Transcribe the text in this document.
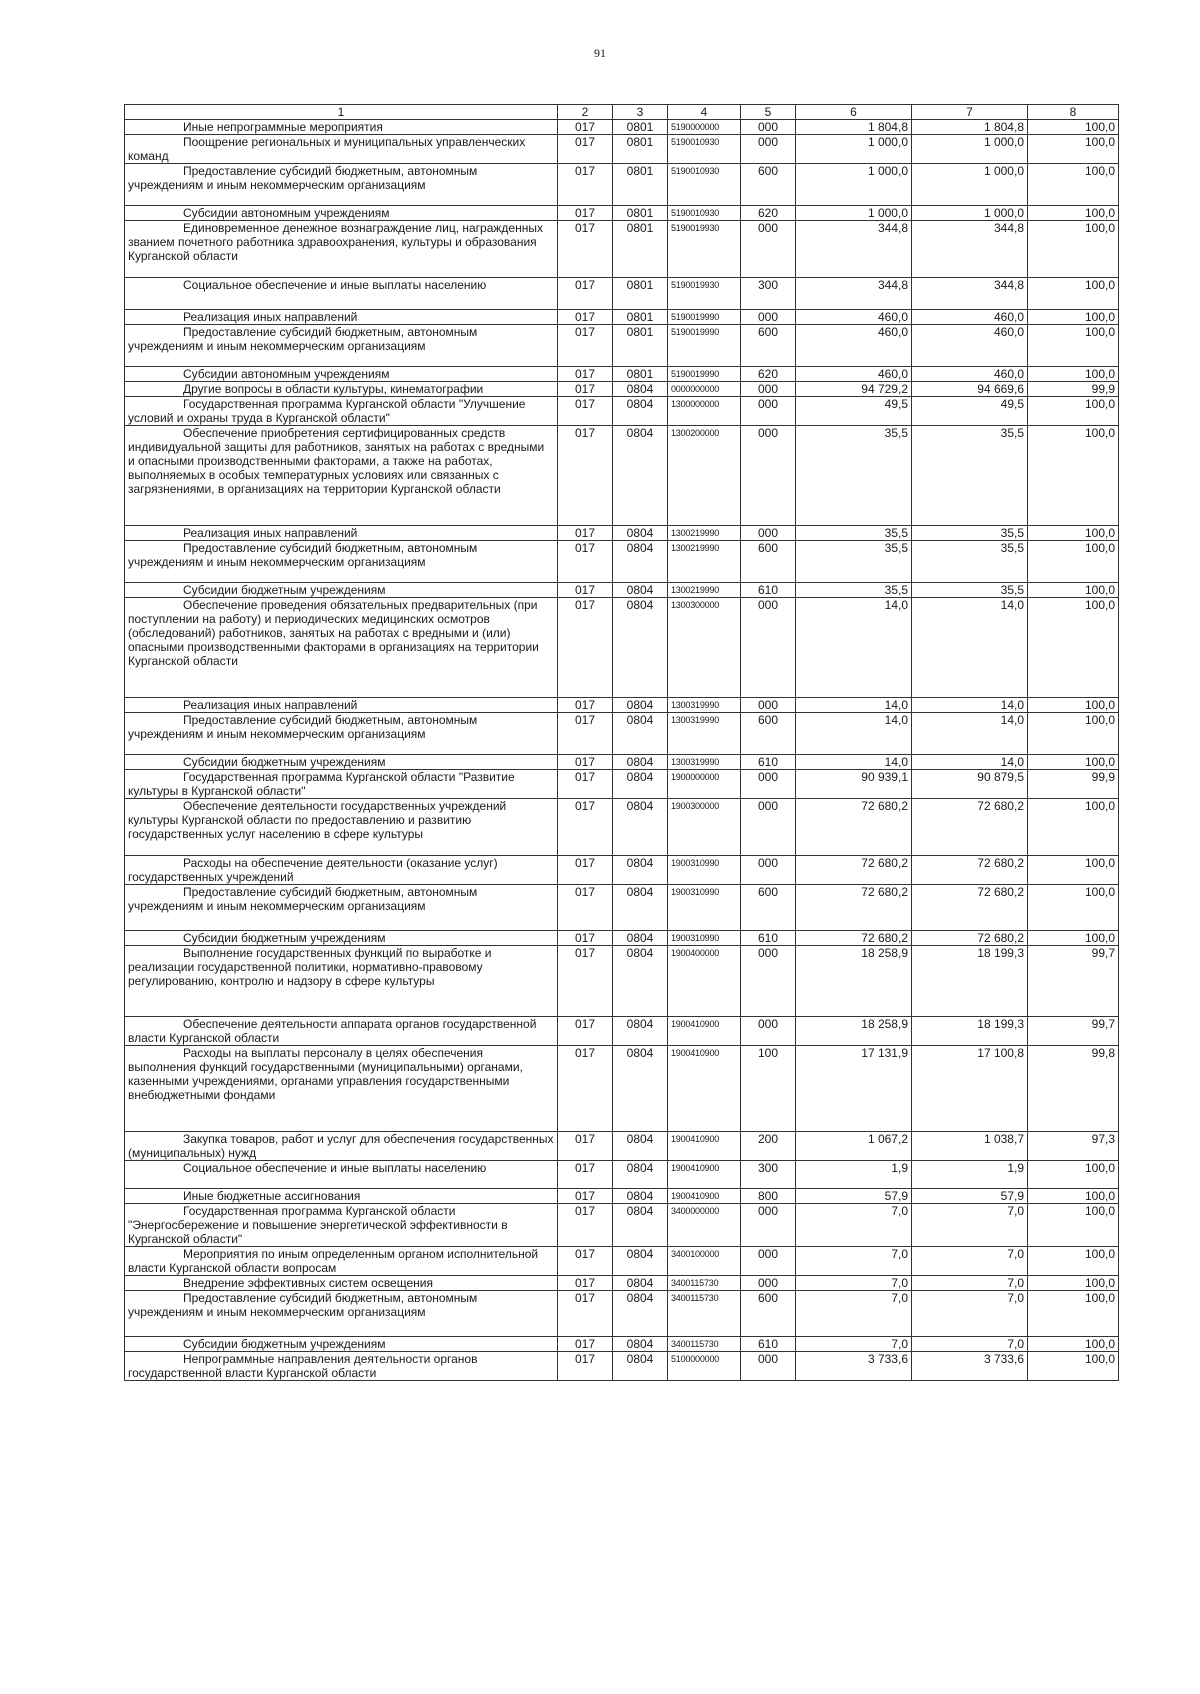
91
1	2	3	4	5	6	7	8
Иные непрограммные мероприятия	017	0801	5190000000	000	1 804,8	1 804,8	100,0
Поощрение региональных и муниципальных управленческих команд	017	0801	5190010930	000	1 000,0	1 000,0	100,0
Предоставление субсидий бюджетным, автономным учреждениям и иным некоммерческим организациям	017	0801	5190010930	600	1 000,0	1 000,0	100,0
Субсидии автономным учреждениям	017	0801	5190010930	620	1 000,0	1 000,0	100,0
Единовременное денежное вознаграждение лиц, награжденных званием почетного работника здравоохранения, культуры и образования Курганской области	017	0801	5190019930	000	344,8	344,8	100,0
Социальное обеспечение и иные выплаты населению	017	0801	5190019930	300	344,8	344,8	100,0
Реализация иных направлений	017	0801	5190019990	000	460,0	460,0	100,0
Предоставление субсидий бюджетным, автономным учреждениям и иным некоммерческим организациям	017	0801	5190019990	600	460,0	460,0	100,0
Субсидии автономным учреждениям	017	0801	5190019990	620	460,0	460,0	100,0
Другие вопросы в области культуры, кинематографии	017	0804	0000000000	000	94 729,2	94 669,6	99,9
Государственная программа Курганской области "Улучшение условий и охраны труда в Курганской области"	017	0804	1300000000	000	49,5	49,5	100,0
Обеспечение приобретения сертифицированных средств индивидуальной защиты для работников, занятых на работах с вредными и опасными производственными факторами, а также на работах, выполняемых в особых температурных условиях или связанных с загрязнениями, в организациях на территории Курганской области	017	0804	1300200000	000	35,5	35,5	100,0
Реализация иных направлений	017	0804	1300219990	000	35,5	35,5	100,0
Предоставление субсидий бюджетным, автономным учреждениям и иным некоммерческим организациям	017	0804	1300219990	600	35,5	35,5	100,0
Субсидии бюджетным учреждениям	017	0804	1300219990	610	35,5	35,5	100,0
Обеспечение проведения обязательных предварительных (при поступлении на работу) и периодических медицинских осмотров (обследований) работников, занятых на работах с вредными и (или) опасными производственными факторами в организациях на территории Курганской области	017	0804	1300300000	000	14,0	14,0	100,0
Реализация иных направлений	017	0804	1300319990	000	14,0	14,0	100,0
Предоставление субсидий бюджетным, автономным учреждениям и иным некоммерческим организациям	017	0804	1300319990	600	14,0	14,0	100,0
Субсидии бюджетным учреждениям	017	0804	1300319990	610	14,0	14,0	100,0
Государственная программа Курганской области "Развитие культуры в Курганской области"	017	0804	1900000000	000	90 939,1	90 879,5	99,9
Обеспечение деятельности государственных учреждений культуры Курганской области по предоставлению и развитию государственных услуг населению в сфере культуры	017	0804	1900300000	000	72 680,2	72 680,2	100,0
Расходы на обеспечение деятельности (оказание услуг) государственных учреждений	017	0804	1900310990	000	72 680,2	72 680,2	100,0
Предоставление субсидий бюджетным, автономным учреждениям и иным некоммерческим организациям	017	0804	1900310990	600	72 680,2	72 680,2	100,0
Субсидии бюджетным учреждениям	017	0804	1900310990	610	72 680,2	72 680,2	100,0
Выполнение государственных функций по выработке и реализации государственной политики, нормативно-правовому регулированию, контролю и надзору в сфере культуры	017	0804	1900400000	000	18 258,9	18 199,3	99,7
Обеспечение деятельности аппарата органов государственной власти Курганской области	017	0804	1900410900	000	18 258,9	18 199,3	99,7
Расходы на выплаты персоналу в целях обеспечения выполнения функций государственными (муниципальными) органами, казенными учреждениями, органами управления государственными внебюджетными фондами	017	0804	1900410900	100	17 131,9	17 100,8	99,8
Закупка товаров, работ и услуг для обеспечения государственных (муниципальных) нужд	017	0804	1900410900	200	1 067,2	1 038,7	97,3
Социальное обеспечение и иные выплаты населению	017	0804	1900410900	300	1,9	1,9	100,0
Иные бюджетные ассигнования	017	0804	1900410900	800	57,9	57,9	100,0
Государственная программа Курганской области "Энергосбережение и повышение энергетической эффективности в Курганской области"	017	0804	3400000000	000	7,0	7,0	100,0
Мероприятия по иным определенным органом исполнительной власти Курганской области вопросам	017	0804	3400100000	000	7,0	7,0	100,0
Внедрение эффективных систем освещения	017	0804	3400115730	000	7,0	7,0	100,0
Предоставление субсидий бюджетным, автономным учреждениям и иным некоммерческим организациям	017	0804	3400115730	600	7,0	7,0	100,0
Субсидии бюджетным учреждениям	017	0804	3400115730	610	7,0	7,0	100,0
Непрограммные направления деятельности органов государственной власти Курганской области	017	0804	5100000000	000	3 733,6	3 733,6	100,0
